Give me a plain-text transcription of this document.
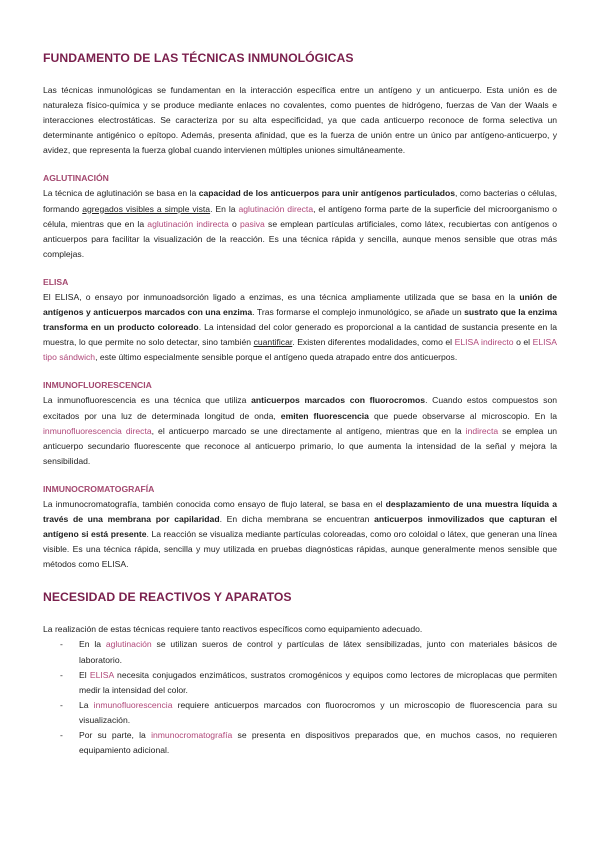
FUNDAMENTO DE LAS TÉCNICAS INMUNOLÓGICAS

Las técnicas inmunológicas se fundamentan en la interacción específica entre un antígeno y un anticuerpo. Esta unión es de naturaleza físico-química y se produce mediante enlaces no covalentes, como puentes de hidrógeno, fuerzas de Van der Waals e interacciones electrostáticas. Se caracteriza por su alta especificidad, ya que cada anticuerpo reconoce de forma selectiva un determinante antigénico o epítopo. Además, presenta afinidad, que es la fuerza de unión entre un único par antígeno-anticuerpo, y avidez, que representa la fuerza global cuando intervienen múltiples uniones simultáneamente.

AGLUTINACIÓN

La técnica de aglutinación se basa en la capacidad de los anticuerpos para unir antígenos particulados, como bacterias o células, formando agregados visibles a simple vista. En la aglutinación directa, el antígeno forma parte de la superficie del microorganismo o célula, mientras que en la aglutinación indirecta o pasiva se emplean partículas artificiales, como látex, recubiertas con antígenos o anticuerpos para facilitar la visualización de la reacción. Es una técnica rápida y sencilla, aunque menos sensible que otras más complejas.

ELISA

El ELISA, o ensayo por inmunoadsorción ligado a enzimas, es una técnica ampliamente utilizada que se basa en la unión de antígenos y anticuerpos marcados con una enzima. Tras formarse el complejo inmunológico, se añade un sustrato que la enzima transforma en un producto coloreado. La intensidad del color generado es proporcional a la cantidad de sustancia presente en la muestra, lo que permite no solo detectar, sino también cuantificar. Existen diferentes modalidades, como el ELISA indirecto o el ELISA tipo sándwich, este último especialmente sensible porque el antígeno queda atrapado entre dos anticuerpos.

INMUNOFLUORESCENCIA

La inmunofluorescencia es una técnica que utiliza anticuerpos marcados con fluorocromos. Cuando estos compuestos son excitados por una luz de determinada longitud de onda, emiten fluorescencia que puede observarse al microscopio. En la inmunofluorescencia directa, el anticuerpo marcado se une directamente al antígeno, mientras que en la indirecta se emplea un anticuerpo secundario fluorescente que reconoce al anticuerpo primario, lo que aumenta la intensidad de la señal y mejora la sensibilidad.

INMUNOCROMATOGRAFÍA

La inmunocromatografía, también conocida como ensayo de flujo lateral, se basa en el desplazamiento de una muestra líquida a través de una membrana por capilaridad. En dicha membrana se encuentran anticuerpos inmovilizados que capturan el antígeno si está presente. La reacción se visualiza mediante partículas coloreadas, como oro coloidal o látex, que generan una línea visible. Es una técnica rápida, sencilla y muy utilizada en pruebas diagnósticas rápidas, aunque generalmente menos sensible que métodos como ELISA.

NECESIDAD DE REACTIVOS Y APARATOS

La realización de estas técnicas requiere tanto reactivos específicos como equipamiento adecuado.

- En la aglutinación se utilizan sueros de control y partículas de látex sensibilizadas, junto con materiales básicos de laboratorio.
- El ELISA necesita conjugados enzimáticos, sustratos cromogénicos y equipos como lectores de microplacas que permiten medir la intensidad del color.
- La inmunofluorescencia requiere anticuerpos marcados con fluorocromos y un microscopio de fluorescencia para su visualización.
- Por su parte, la inmunocromatografía se presenta en dispositivos preparados que, en muchos casos, no requieren equipamiento adicional.
